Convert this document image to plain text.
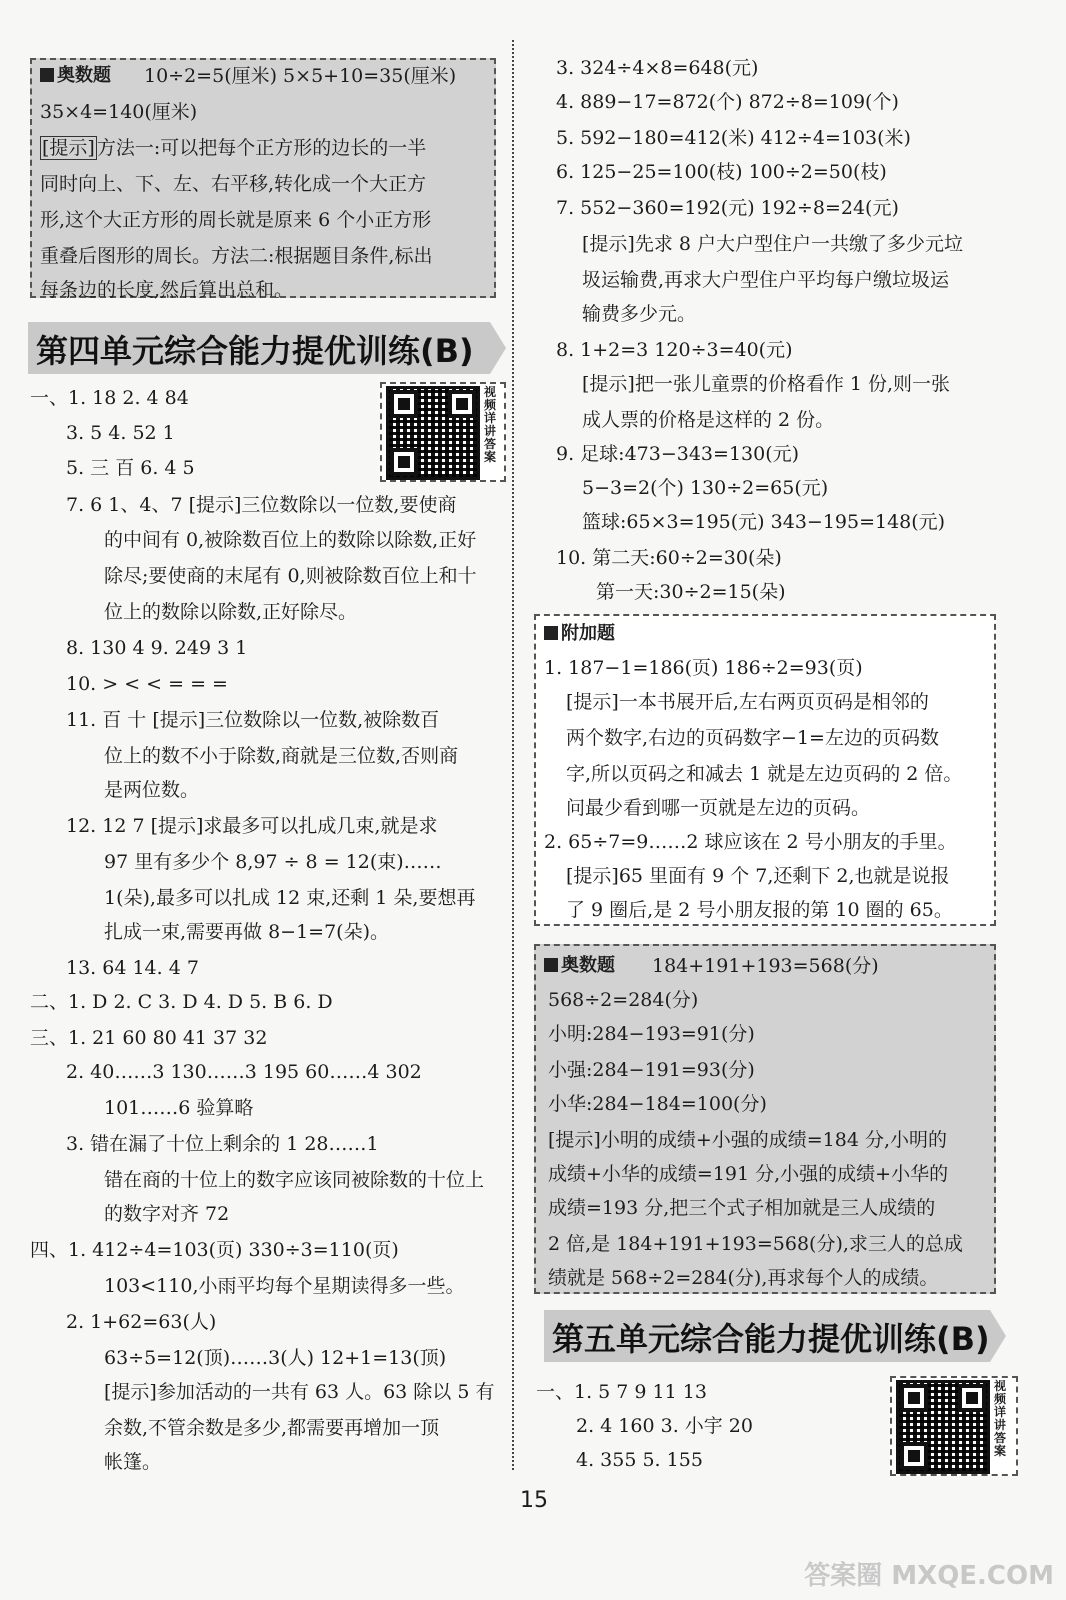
奥数题 10÷2=5(厘米) 5×5+10=35(厘米)
35×4=140(厘米)
[提示] 方法一:可以把每个正方形的边长的一半
同时向上、下、左、右平移,转化成一个大正方
形,这个大正方形的周长就是原来 6 个小正方形
重叠后图形的周长。方法二:根据题目条件,标出
每条边的长度,然后算出总和。
第四单元综合能力提优训练(B)
视频详讲答案
一、1. 18 2. 4 84
3. 5 4. 52 1
5. 三 百 6. 4 5
7. 6 1、4、7 [提示]三位数除以一位数,要使商
的中间有 0,被除数百位上的数除以除数,正好
除尽;要使商的末尾有 0,则被除数百位上和十
位上的数除以除数,正好除尽。
8. 130 4 9. 249 3 1
10. > < < = = =
11. 百 十 [提示]三位数除以一位数,被除数百
位上的数不小于除数,商就是三位数,否则商
是两位数。
12. 12 7 [提示]求最多可以扎成几束,就是求
97 里有多少个 8,97 ÷ 8 = 12(束)……
1(朵),最多可以扎成 12 束,还剩 1 朵,要想再
扎成一束,需要再做 8−1=7(朵)。
13. 64 14. 4 7
二、1. D 2. C 3. D 4. D 5. B 6. D
三、1. 21 60 80 41 37 32
2. 40……3 130……3 195 60……4 302
101……6 验算略
3. 错在漏了十位上剩余的 1 28……1
错在商的十位上的数字应该同被除数的十位上
的数字对齐 72
四、1. 412÷4=103(页) 330÷3=110(页)
103<110,小雨平均每个星期读得多一些。
2. 1+62=63(人)
63÷5=12(顶)……3(人) 12+1=13(顶)
[提示]参加活动的一共有 63 人。63 除以 5 有
余数,不管余数是多少,都需要再增加一顶
帐篷。
3. 324÷4×8=648(元)
4. 889−17=872(个) 872÷8=109(个)
5. 592−180=412(米) 412÷4=103(米)
6. 125−25=100(枝) 100÷2=50(枝)
7. 552−360=192(元) 192÷8=24(元)
[提示]先求 8 户大户型住户一共缴了多少元垃
圾运输费,再求大户型住户平均每户缴垃圾运
输费多少元。
8. 1+2=3 120÷3=40(元)
[提示]把一张儿童票的价格看作 1 份,则一张
成人票的价格是这样的 2 份。
9. 足球:473−343=130(元)
5−3=2(个) 130÷2=65(元)
篮球:65×3=195(元) 343−195=148(元)
10. 第二天:60÷2=30(朵)
第一天:30÷2=15(朵)
附加题
1. 187−1=186(页) 186÷2=93(页)
[提示]一本书展开后,左右两页页码是相邻的
两个数字,右边的页码数字−1=左边的页码数
字,所以页码之和减去 1 就是左边页码的 2 倍。
问最少看到哪一页就是左边的页码。
2. 65÷7=9……2 球应该在 2 号小朋友的手里。
[提示]65 里面有 9 个 7,还剩下 2,也就是说报
了 9 圈后,是 2 号小朋友报的第 10 圈的 65。
奥数题 184+191+193=568(分)
568÷2=284(分)
小明:284−193=91(分)
小强:284−191=93(分)
小华:284−184=100(分)
[提示]小明的成绩+小强的成绩=184 分,小明的
成绩+小华的成绩=191 分,小强的成绩+小华的
成绩=193 分,把三个式子相加就是三人成绩的
2 倍,是 184+191+193=568(分),求三人的总成
绩就是 568÷2=284(分),再求每个人的成绩。
第五单元综合能力提优训练(B)
视频详讲答案
一、1. 5 7 9 11 13
2. 4 160 3. 小宇 20
4. 355 5. 155
15
答案圈 MXQE.COM
